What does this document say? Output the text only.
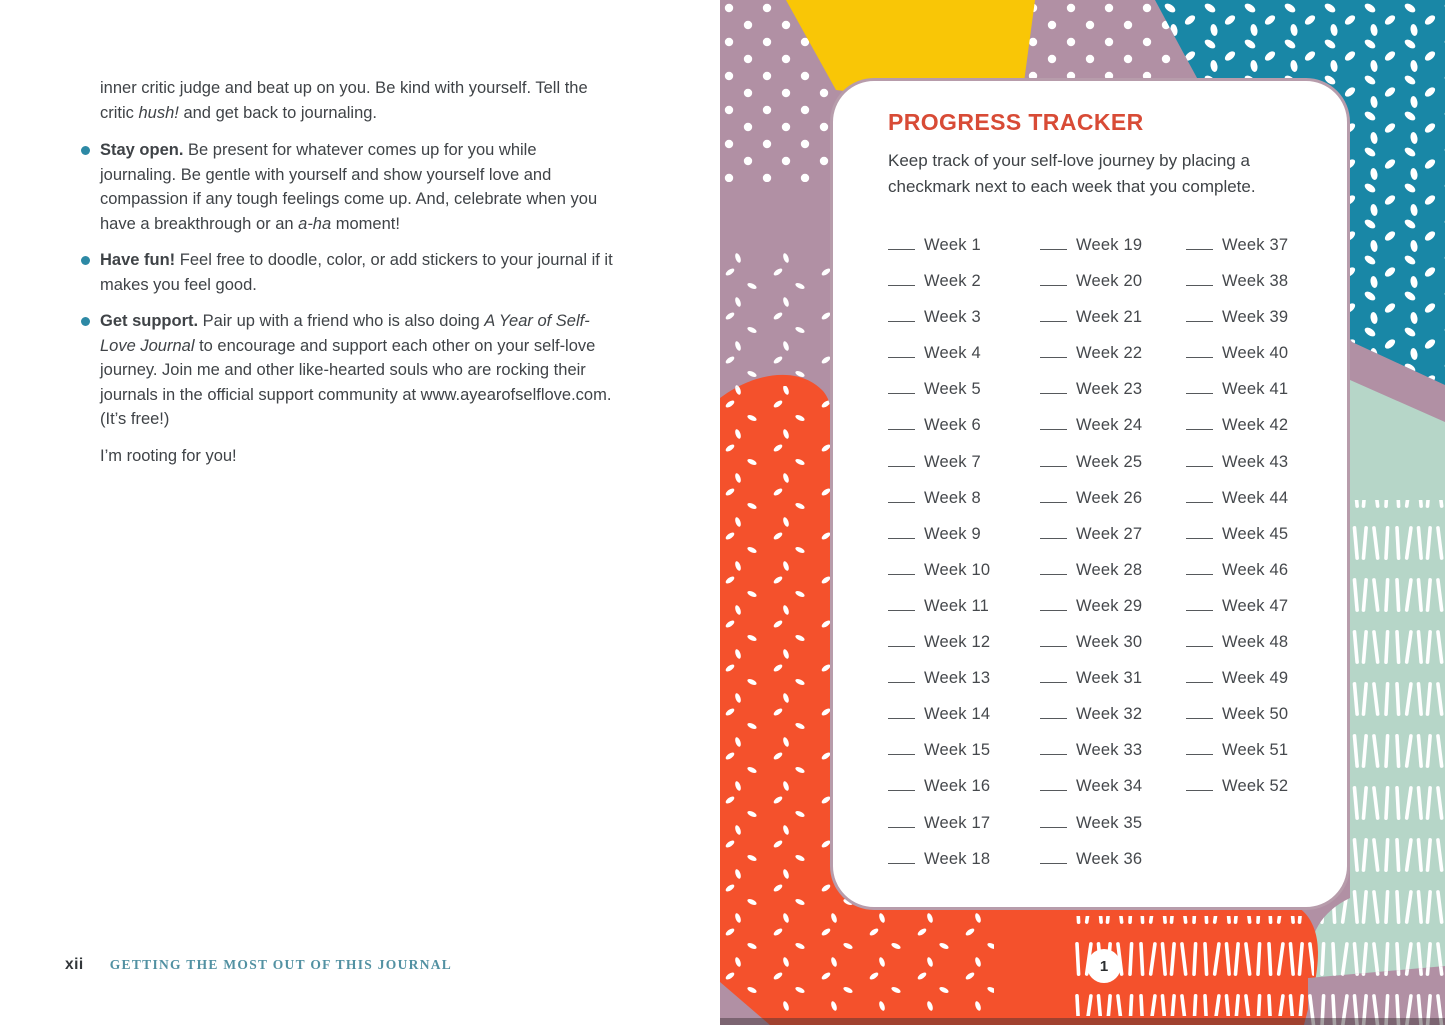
inner critic judge and beat up on you. Be kind with yourself. Tell the critic hush! and get back to journaling.

Stay open. Be present for whatever comes up for you while journaling. Be gentle with yourself and show yourself love and compassion if any tough feelings come up. And, celebrate when you have a breakthrough or an a-ha moment!
Have fun! Feel free to doodle, color, or add stickers to your journal if it makes you feel good.
Get support. Pair up with a friend who is also doing A Year of Self-Love Journal to encourage and support each other on your self-love journey. Join me and other like-hearted souls who are rocking their journals in the official support community at www.ayearofselflove.com. (It’s free!)

I’m rooting for you!

xii GETTING THE MOST OUT OF THIS JOURNAL
PROGRESS TRACKER

Keep track of your self-love journey by placing a checkmark next to each week that you complete.

Week 1
Week 2
Week 3
Week 4
Week 5
Week 6
Week 7
Week 8
Week 9
Week 10
Week 11
Week 12
Week 13
Week 14
Week 15
Week 16
Week 17
Week 18
Week 19
Week 20
Week 21
Week 22
Week 23
Week 24
Week 25
Week 26
Week 27
Week 28
Week 29
Week 30
Week 31
Week 32
Week 33
Week 34
Week 35
Week 36
Week 37
Week 38
Week 39
Week 40
Week 41
Week 42
Week 43
Week 44
Week 45
Week 46
Week 47
Week 48
Week 49
Week 50
Week 51
Week 52
1
